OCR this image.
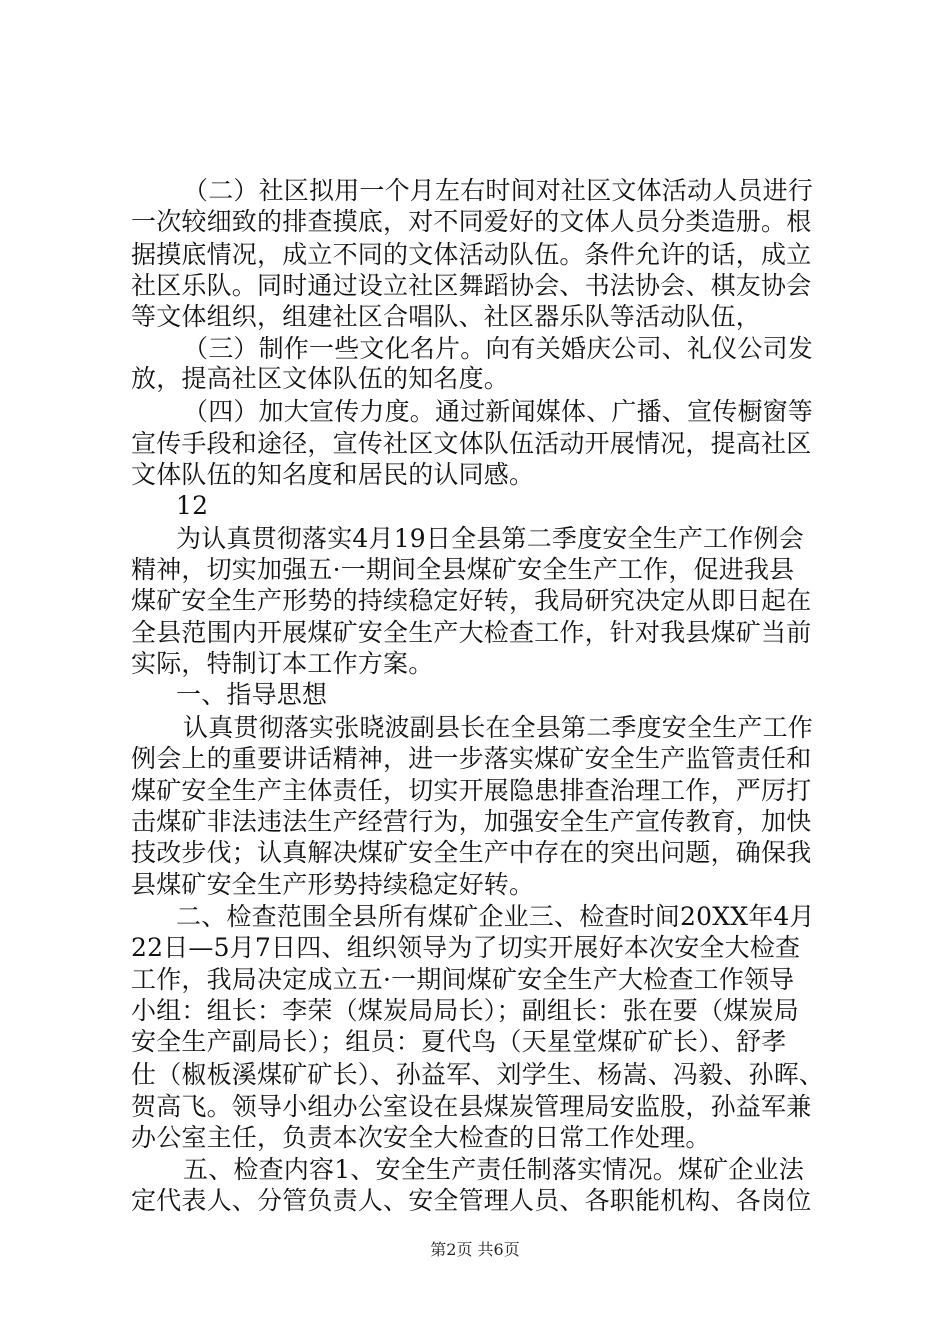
（二）社区拟用一个月左右时间对社区文体活动人员进行
一次较细致的排查摸底，对不同爱好的文体人员分类造册。根
据摸底情况，成立不同的文体活动队伍。条件允许的话，成立
社区乐队。同时通过设立社区舞蹈协会、书法协会、棋友协会
等文体组织，组建社区合唱队、社区器乐队等活动队伍，
（三）制作一些文化名片。向有关婚庆公司、礼仪公司发
放，提高社区文体队伍的知名度。
（四）加大宣传力度。通过新闻媒体、广播、宣传橱窗等
宣传手段和途径，宣传社区文体队伍活动开展情况，提高社区
文体队伍的知名度和居民的认同感。
12
为认真贯彻落实4月19日全县第二季度安全生产工作例会
精神，切实加强五·一期间全县煤矿安全生产工作，促进我县
煤矿安全生产形势的持续稳定好转，我局研究决定从即日起在
全县范围内开展煤矿安全生产大检查工作，针对我县煤矿当前
实际，特制订本工作方案。
一、指导思想
认真贯彻落实张晓波副县长在全县第二季度安全生产工作
例会上的重要讲话精神，进一步落实煤矿安全生产监管责任和
煤矿安全生产主体责任，切实开展隐患排查治理工作，严厉打
击煤矿非法违法生产经营行为，加强安全生产宣传教育，加快
技改步伐；认真解决煤矿安全生产中存在的突出问题，确保我
县煤矿安全生产形势持续稳定好转。
二、检查范围全县所有煤矿企业三、检查时间20XX年4月
22日—5月7日四、组织领导为了切实开展好本次安全大检查
工作，我局决定成立五·一期间煤矿安全生产大检查工作领导
小组：组长：李荣（煤炭局局长）；副组长：张在要（煤炭局
安全生产副局长）；组员：夏代鸟（天星堂煤矿矿长）、舒孝
仕（椒板溪煤矿矿长）、孙益军、刘学生、杨嵩、冯毅、孙晖、
贺高飞。领导小组办公室设在县煤炭管理局安监股，孙益军兼
办公室主任，负责本次安全大检查的日常工作处理。
五、检查内容1、安全生产责任制落实情况。煤矿企业法
定代表人、分管负责人、安全管理人员、各职能机构、各岗位
第2页 共6页
